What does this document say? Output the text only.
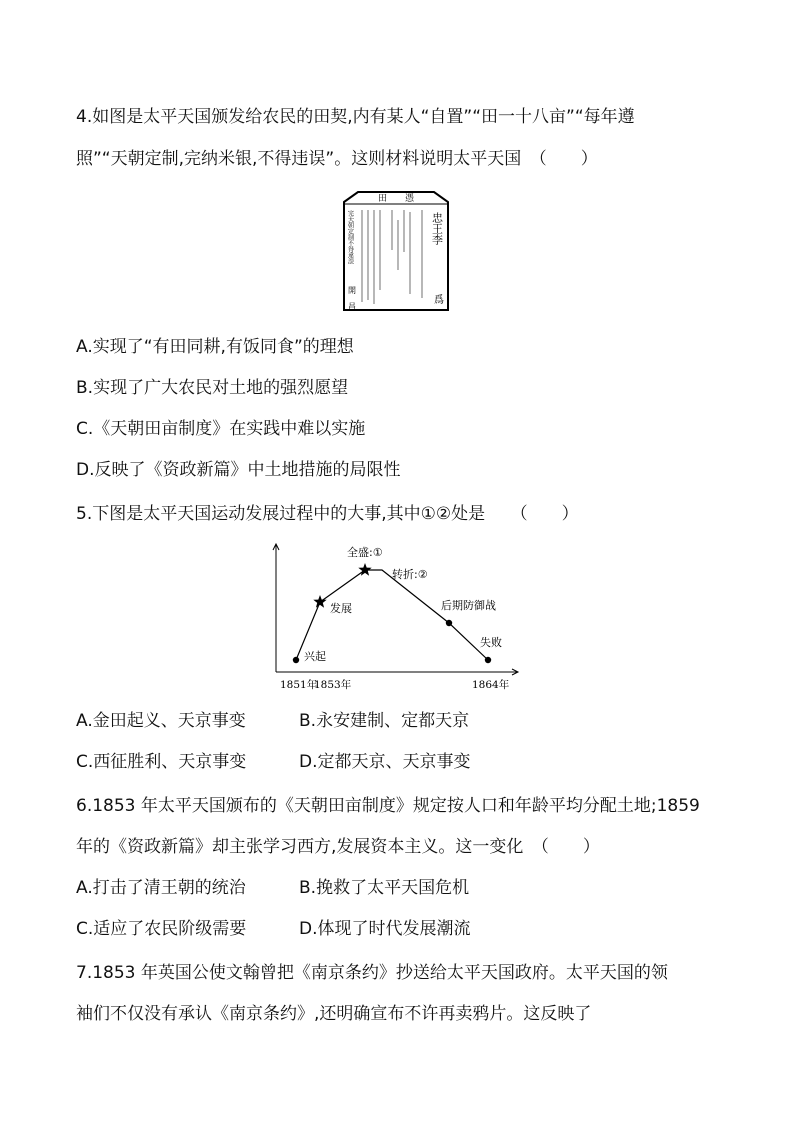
4.如图是太平天国颁发给农民的田契,内有某人“自置”“田一十八亩”“每年遵
照”“天朝定制,完纳米银,不得违误”。这则材料说明太平天国　（　　）
田　　憑
完天朝定制不得違誤
開　昌
忠王李
爲
A.实现了“有田同耕,有饭同食”的理想
B.实现了广大农民对土地的强烈愿望
C.《天朝田亩制度》在实践中难以实施
D.反映了《资政新篇》中土地措施的局限性
5.下图是太平天国运动发展过程中的大事,其中①②处是　　（　　）
兴起
发展
全盛:①
转折:②
后期防御战
失败
1851年
1853年	1864年
A.金田起义、天京事变	B.永安建制、定都天京
C.西征胜利、天京事变	D.定都天京、天京事变
6.1853 年太平天国颁布的《天朝田亩制度》规定按人口和年龄平均分配土地;1859
年的《资政新篇》却主张学习西方,发展资本主义。这一变化　（　　）
A.打击了清王朝的统治	B.挽救了太平天国危机
C.适应了农民阶级需要	D.体现了时代发展潮流
7.1853 年英国公使文翰曾把《南京条约》抄送给太平天国政府。太平天国的领
袖们不仅没有承认《南京条约》,还明确宣布不许再卖鸦片。这反映了
